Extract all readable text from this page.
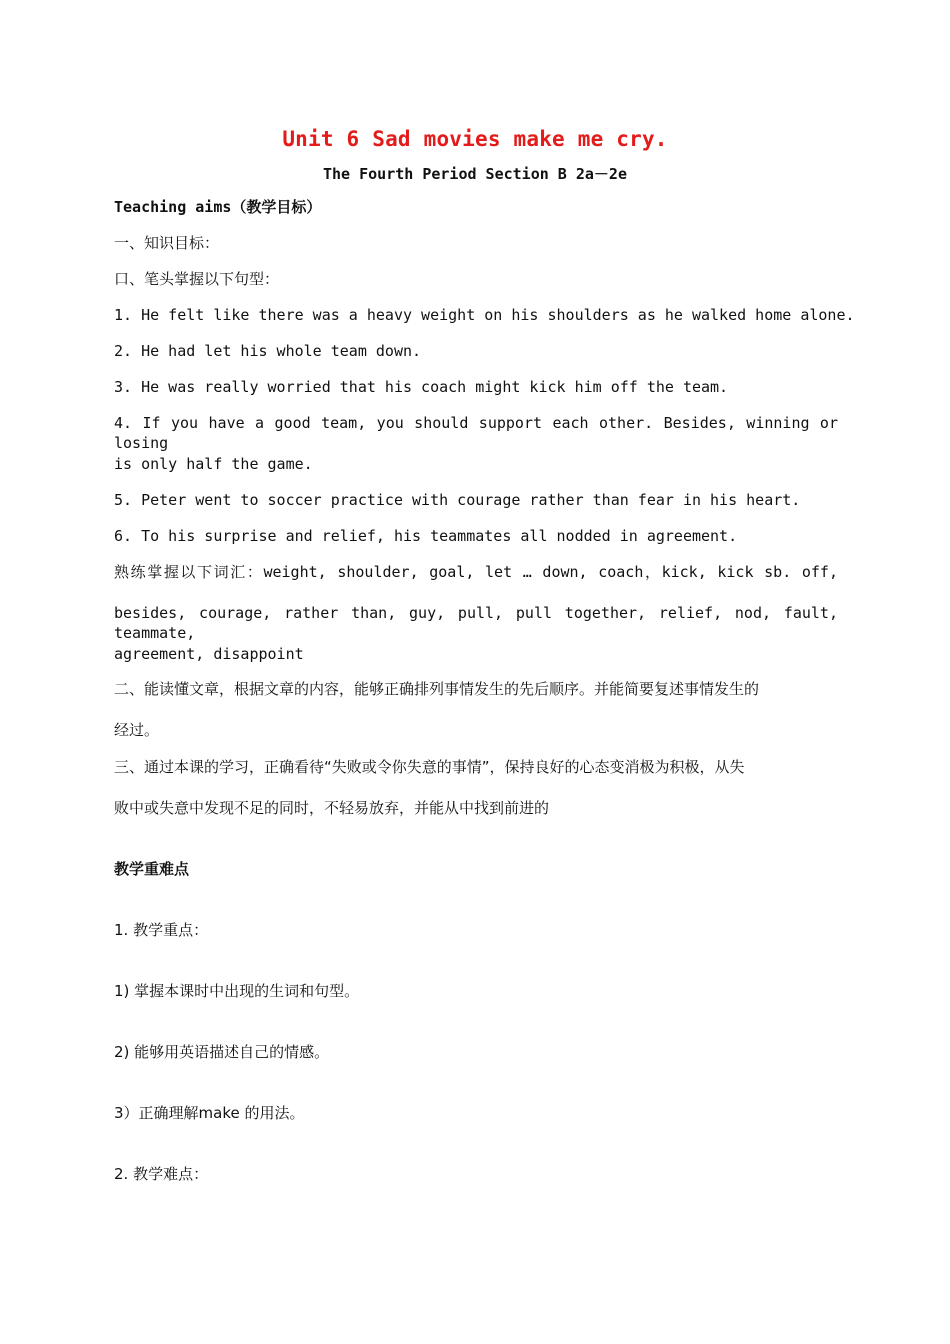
Unit 6 Sad movies make me cry.
The Fourth Period Section B 2a－2e
Teaching aims（教学目标）
一、知识目标：
口、笔头掌握以下句型：
1. He felt like there was a heavy weight on his shoulders as he walked home alone.
2. He had let his whole team down.
3. He was really worried that his coach might kick him off the team.
4. If you have a good team, you should support each other. Besides, winning or losing
is only half the game.
5. Peter went to soccer practice with courage rather than fear in his heart.
6. To his surprise and relief, his teammates all nodded in agreement.
熟练掌握以下词汇：weight, shoulder, goal, let … down, coach，kick, kick sb. off,
besides, courage, rather than, guy, pull, pull together, relief, nod, fault, teammate,
agreement, disappoint
二、能读懂文章，根据文章的内容，能够正确排列事情发生的先后顺序。并能简要复述事情发生的
经过。
三、通过本课的学习，正确看待“失败或令你失意的事情”，保持良好的心态变消极为积极，从失
败中或失意中发现不足的同时，不轻易放弃，并能从中找到前进的
教学重难点
1. 教学重点：
1) 掌握本课时中出现的生词和句型。
2) 能够用英语描述自己的情感。
3）正确理解make 的用法。
2. 教学难点：
